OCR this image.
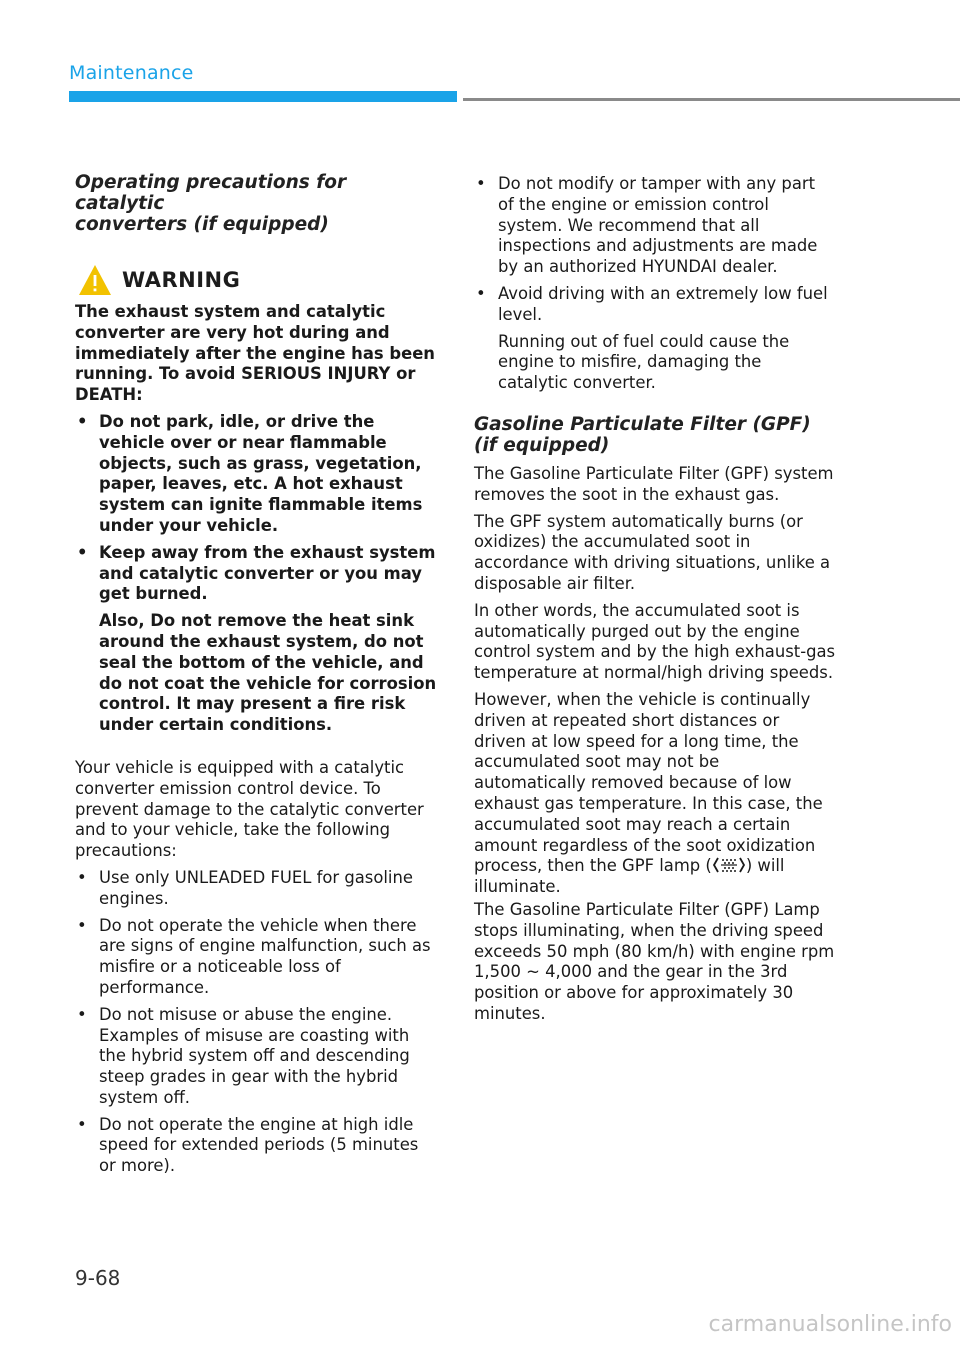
Maintenance
Operating precautions for catalytic
converters (if equipped)
WARNING

The exhaust system and catalytic converter are very hot during and immediately after the engine has been running. To avoid SERIOUS INJURY or DEATH:

• Do not park, idle, or drive the vehicle over or near flammable objects, such as grass, vegetation, paper, leaves, etc. A hot exhaust system can ignite flammable items under your vehicle.
• Keep away from the exhaust system and catalytic converter or you may get burned.
Also, Do not remove the heat sink around the exhaust system, do not seal the bottom of the vehicle, and do not coat the vehicle for corrosion control. It may present a fire risk under certain conditions.

Your vehicle is equipped with a catalytic converter emission control device. To prevent damage to the catalytic converter and to your vehicle, take the following precautions:

• Use only UNLEADED FUEL for gasoline engines.
• Do not operate the vehicle when there are signs of engine malfunction, such as misfire or a noticeable loss of performance.
• Do not misuse or abuse the engine. Examples of misuse are coasting with the hybrid system off and descending steep grades in gear with the hybrid system off.
• Do not operate the engine at high idle speed for extended periods (5 minutes or more).
• Do not modify or tamper with any part of the engine or emission control system. We recommend that all inspections and adjustments are made by an authorized HYUNDAI dealer.
• Avoid driving with an extremely low fuel level.
Running out of fuel could cause the engine to misfire, damaging the catalytic converter.
Gasoline Particulate Filter (GPF)
(if equipped)

The Gasoline Particulate Filter (GPF) system removes the soot in the exhaust gas.

The GPF system automatically burns (or oxidizes) the accumulated soot in accordance with driving situations, unlike a disposable air filter.

In other words, the accumulated soot is automatically purged out by the engine control system and by the high exhaust-gas temperature at normal/high driving speeds.

However, when the vehicle is continually driven at repeated short distances or driven at low speed for a long time, the accumulated soot may not be automatically removed because of low exhaust gas temperature. In this case, the accumulated soot may reach a certain amount regardless of the soot oxidization process, then the GPF lamp ( ) will illuminate.

The Gasoline Particulate Filter (GPF) Lamp stops illuminating, when the driving speed exceeds 50 mph (80 km/h) with engine rpm 1,500 ~ 4,000 and the gear in the 3rd position or above for approximately 30 minutes.

9-68
carmanualsonline.info
